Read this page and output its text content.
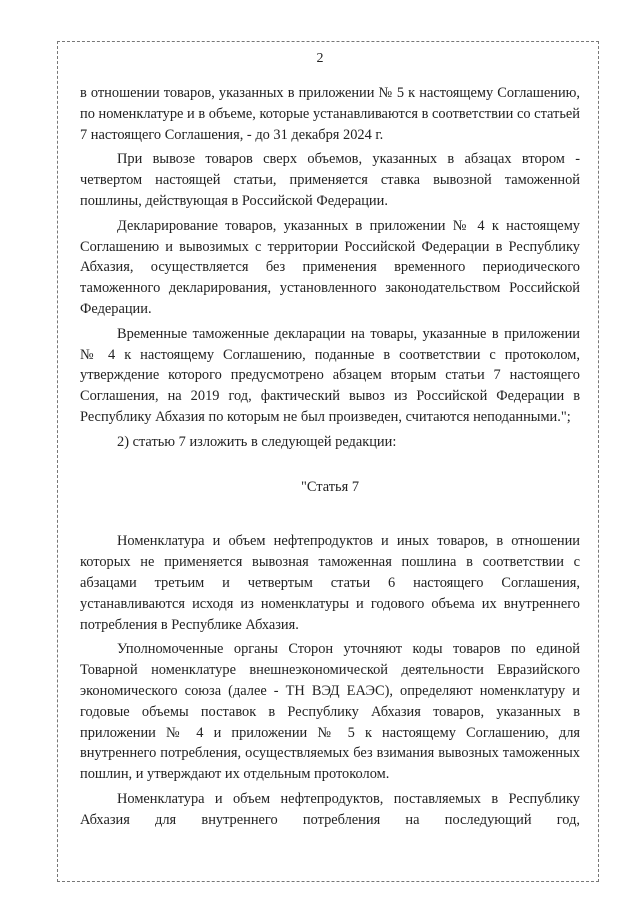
2

в отношении товаров, указанных в приложении № 5 к настоящему Соглашению, по номенклатуре и в объеме, которые устанавливаются в соответствии со статьей 7 настоящего Соглашения, - до 31 декабря 2024 г.

При вывозе товаров сверх объемов, указанных в абзацах втором - четвертом настоящей статьи, применяется ставка вывозной таможенной пошлины, действующая в Российской Федерации.

Декларирование товаров, указанных в приложении № 4 к настоящему Соглашению и вывозимых с территории Российской Федерации в Республику Абхазия, осуществляется без применения временного периодического таможенного декларирования, установленного законодательством Российской Федерации.

Временные таможенные декларации на товары, указанные в приложении № 4 к настоящему Соглашению, поданные в соответствии с протоколом, утверждение которого предусмотрено абзацем вторым статьи 7 настоящего Соглашения, на 2019 год, фактический вывоз из Российской Федерации в Республику Абхазия по которым не был произведен, считаются неподанными.";

2) статью 7 изложить в следующей редакции:

"Статья 7

Номенклатура и объем нефтепродуктов и иных товаров, в отношении которых не применяется вывозная таможенная пошлина в соответствии с абзацами третьим и четвертым статьи 6 настоящего Соглашения, устанавливаются исходя из номенклатуры и годового объема их внутреннего потребления в Республике Абхазия.

Уполномоченные органы Сторон уточняют коды товаров по единой Товарной номенклатуре внешнеэкономической деятельности Евразийского экономического союза (далее - ТН ВЭД ЕАЭС), определяют номенклатуру и годовые объемы поставок в Республику Абхазия товаров, указанных в приложении № 4 и приложении № 5 к настоящему Соглашению, для внутреннего потребления, осуществляемых без взимания вывозных таможенных пошлин, и утверждают их отдельным протоколом.

Номенклатура и объем нефтепродуктов, поставляемых в Республику Абхазия для внутреннего потребления на последующий год,
